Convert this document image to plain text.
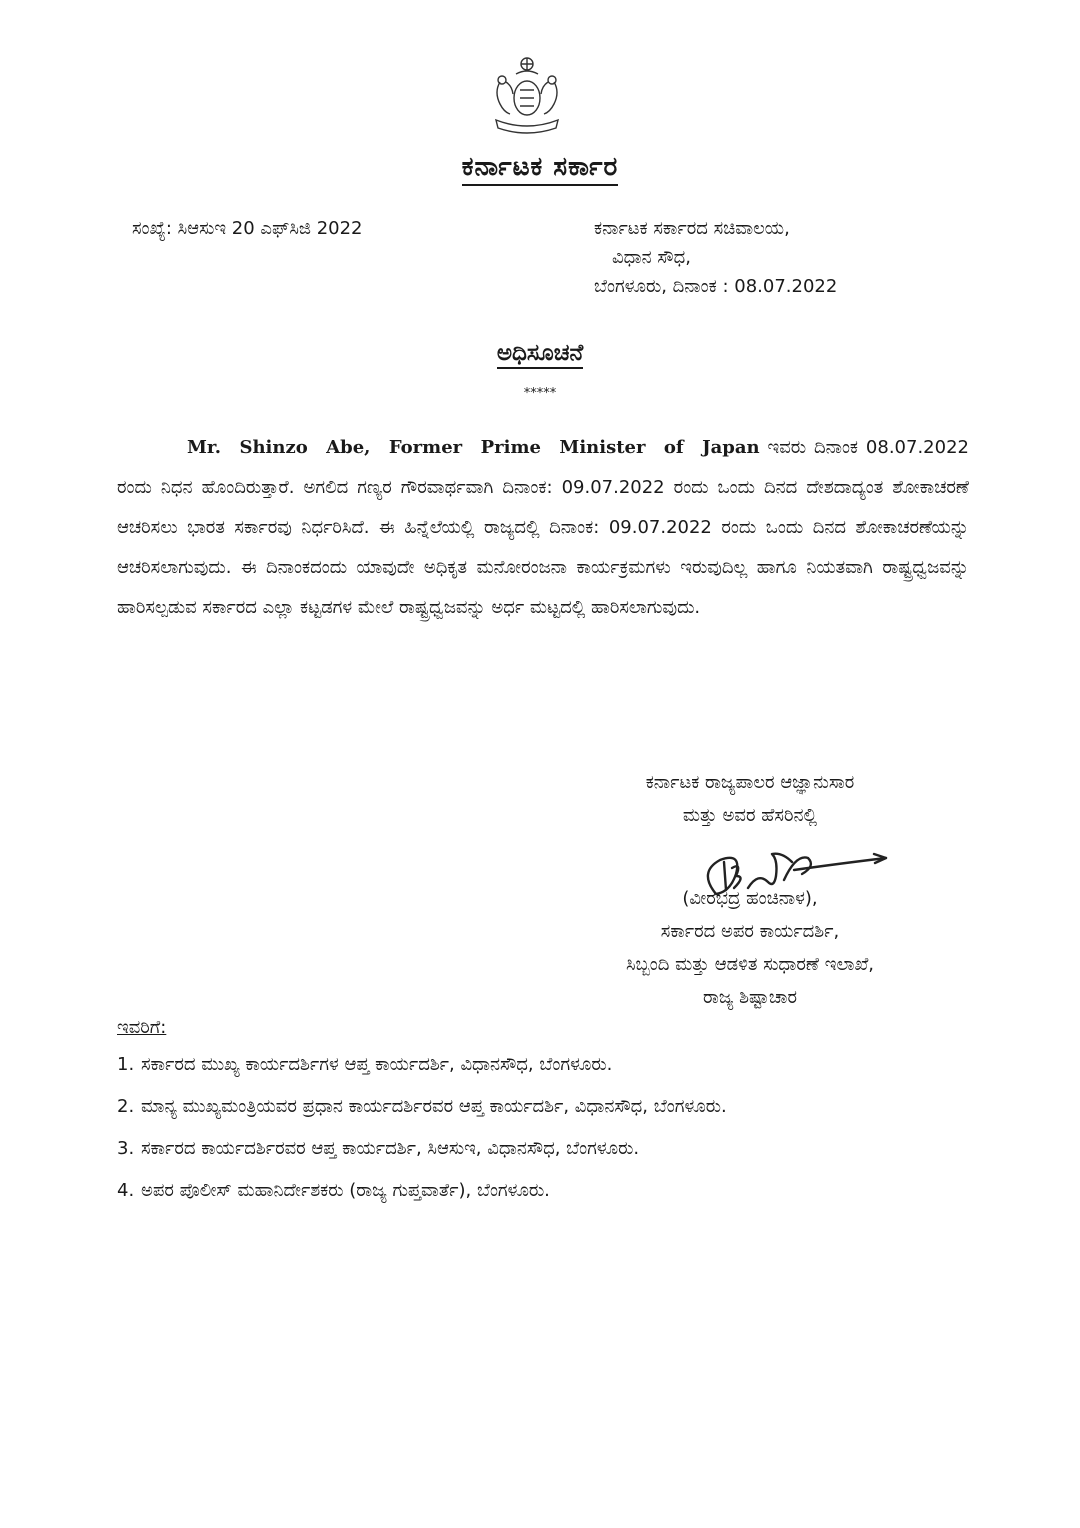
ಕರ್ನಾಟಕ ಸರ್ಕಾರ
ಸಂಖ್ಯೆ: ಸಿಆಸುಇ 20 ಎಫ್‌ಸಿಜಿ 2022	ಕರ್ನಾಟಕ ಸರ್ಕಾರದ ಸಚಿವಾಲಯ,
ವಿಧಾನ ಸೌಧ,
ಬೆಂಗಳೂರು, ದಿನಾಂಕ : 08.07.2022
ಅಧಿಸೂಚನೆ
*****
Mr. Shinzo Abe, Former Prime Minister of Japan ಇವರು ದಿನಾಂಕ 08.07.2022 ರಂದು ನಿಧನ ಹೊಂದಿರುತ್ತಾರೆ. ಅಗಲಿದ ಗಣ್ಯರ ಗೌರವಾರ್ಥವಾಗಿ ದಿನಾಂಕ: 09.07.2022 ರಂದು ಒಂದು ದಿನದ ದೇಶದಾದ್ಯಂತ ಶೋಕಾಚರಣೆ ಆಚರಿಸಲು ಭಾರತ ಸರ್ಕಾರವು ನಿರ್ಧರಿಸಿದೆ. ಈ ಹಿನ್ನೆಲೆಯಲ್ಲಿ ರಾಜ್ಯದಲ್ಲಿ ದಿನಾಂಕ: 09.07.2022 ರಂದು ಒಂದು ದಿನದ ಶೋಕಾಚರಣೆಯನ್ನು ಆಚರಿಸಲಾಗುವುದು. ಈ ದಿನಾಂಕದಂದು ಯಾವುದೇ ಅಧಿಕೃತ ಮನೋರಂಜನಾ ಕಾರ್ಯಕ್ರಮಗಳು ಇರುವುದಿಲ್ಲ ಹಾಗೂ ನಿಯತವಾಗಿ ರಾಷ್ಟ್ರಧ್ವಜವನ್ನು ಹಾರಿಸಲ್ಪಡುವ ಸರ್ಕಾರದ ಎಲ್ಲಾ ಕಟ್ಟಡಗಳ ಮೇಲೆ ರಾಷ್ಟ್ರಧ್ವಜವನ್ನು ಅರ್ಧ ಮಟ್ಟದಲ್ಲಿ ಹಾರಿಸಲಾಗುವುದು.
ಕರ್ನಾಟಕ ರಾಜ್ಯಪಾಲರ ಆಜ್ಞಾನುಸಾರ
ಮತ್ತು ಅವರ ಹೆಸರಿನಲ್ಲಿ
(ವೀರಭದ್ರ ಹಂಚಿನಾಳ),
ಸರ್ಕಾರದ ಅಪರ ಕಾರ್ಯದರ್ಶಿ,
ಸಿಬ್ಬಂದಿ ಮತ್ತು ಆಡಳಿತ ಸುಧಾರಣೆ ಇಲಾಖೆ,
ರಾಜ್ಯ ಶಿಷ್ಟಾಚಾರ
ಇವರಿಗೆ:
1. ಸರ್ಕಾರದ ಮುಖ್ಯ ಕಾರ್ಯದರ್ಶಿಗಳ ಆಪ್ತ ಕಾರ್ಯದರ್ಶಿ, ವಿಧಾನಸೌಧ, ಬೆಂಗಳೂರು.
2. ಮಾನ್ಯ ಮುಖ್ಯಮಂತ್ರಿಯವರ ಪ್ರಧಾನ ಕಾರ್ಯದರ್ಶಿರವರ ಆಪ್ತ ಕಾರ್ಯದರ್ಶಿ, ವಿಧಾನಸೌಧ, ಬೆಂಗಳೂರು.
3. ಸರ್ಕಾರದ ಕಾರ್ಯದರ್ಶಿರವರ ಆಪ್ತ ಕಾರ್ಯದರ್ಶಿ, ಸಿಆಸುಇ, ವಿಧಾನಸೌಧ, ಬೆಂಗಳೂರು.
4. ಅಪರ ಪೊಲೀಸ್ ಮಹಾನಿರ್ದೇಶಕರು (ರಾಜ್ಯ ಗುಪ್ತವಾರ್ತೆ), ಬೆಂಗಳೂರು.
